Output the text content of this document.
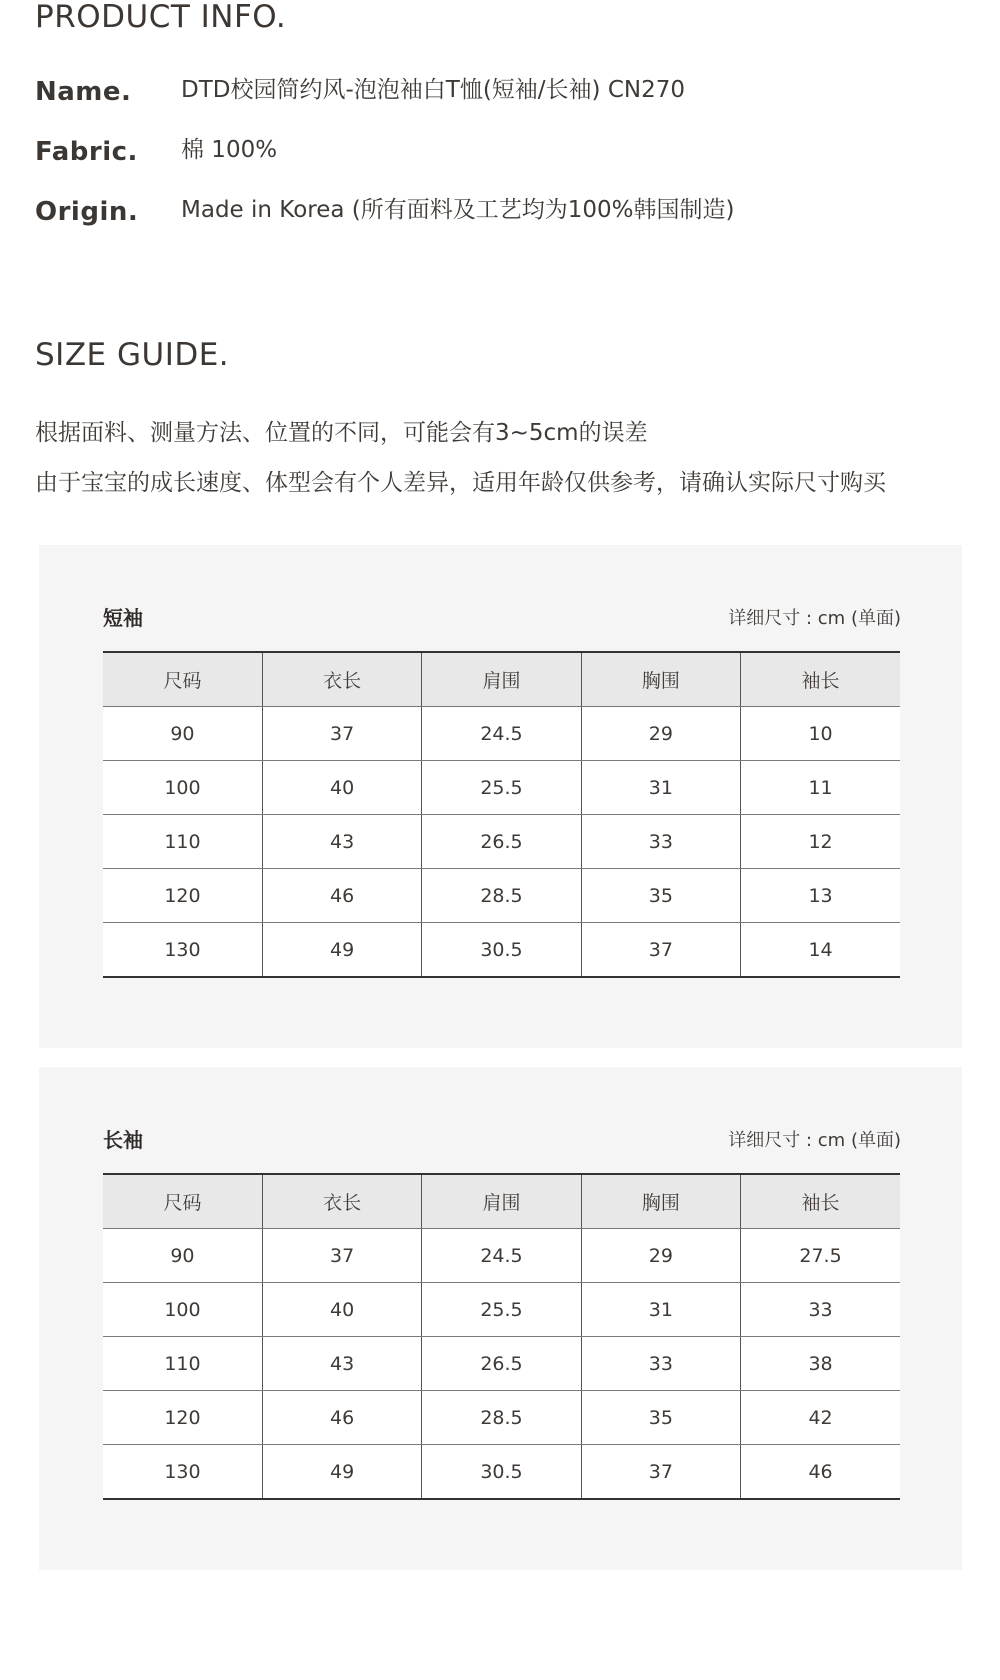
PRODUCT INFO.
Name. DTD校园简约风-泡泡袖白T恤(短袖/长袖) CN270
Fabric. 棉 100%
Origin. Made in Korea (所有面料及工艺均为100%韩国制造)
SIZE GUIDE.
根据面料、测量方法、位置的不同，可能会有3~5cm的误差
由于宝宝的成长速度、体型会有个人差异，适用年龄仅供参考，请确认实际尺寸购买
短袖	详细尺寸 : cm (单面)
尺码	衣长	肩围	胸围	袖长
90	37	24.5	29	10
100	40	25.5	31	11
110	43	26.5	33	12
120	46	28.5	35	13
130	49	30.5	37	14
长袖	详细尺寸 : cm (单面)
尺码	衣长	肩围	胸围	袖长
90	37	24.5	29	27.5
100	40	25.5	31	33
110	43	26.5	33	38
120	46	28.5	35	42
130	49	30.5	37	46
